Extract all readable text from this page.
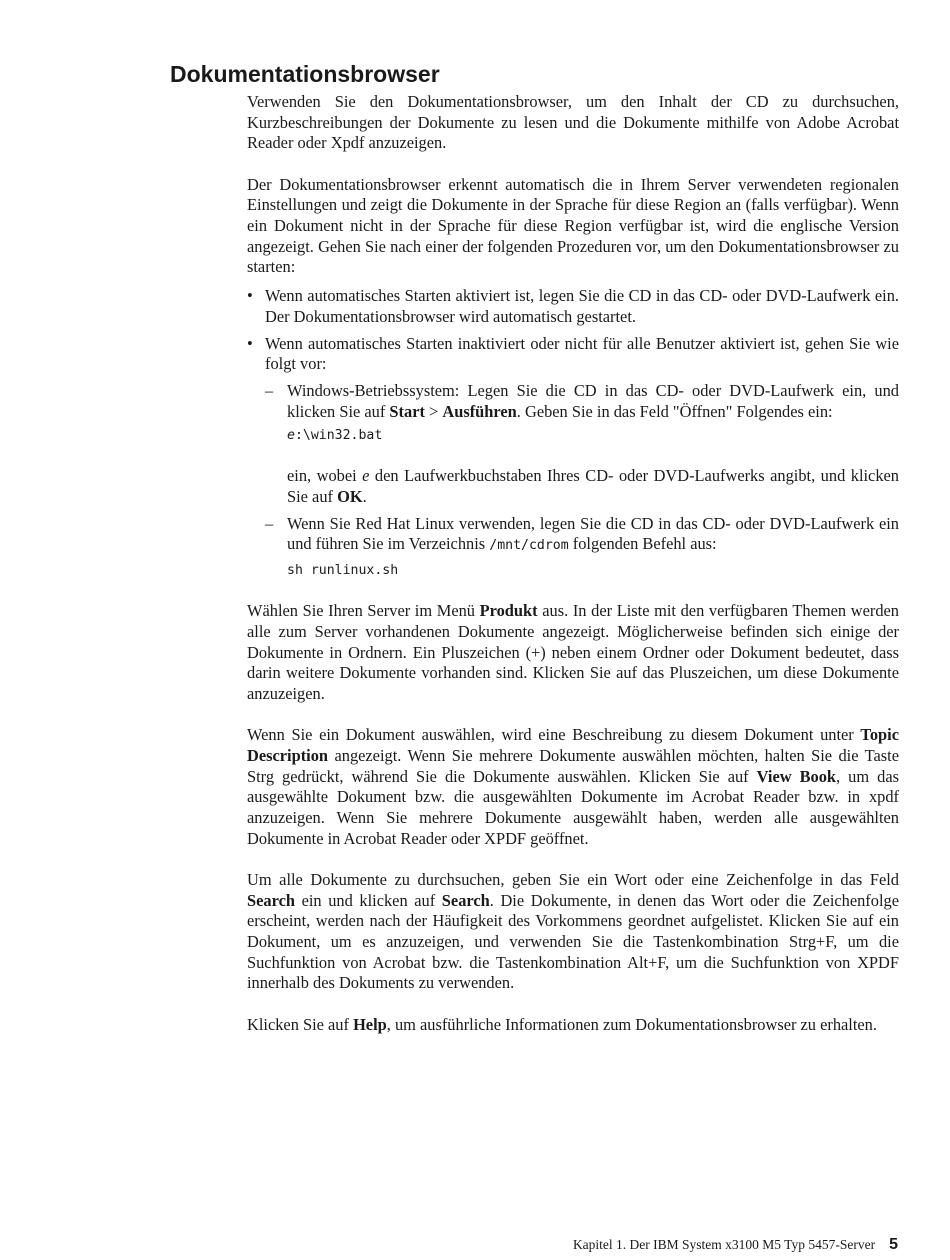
Dokumentationsbrowser

Verwenden Sie den Dokumentationsbrowser, um den Inhalt der CD zu durchsuchen, Kurzbeschreibungen der Dokumente zu lesen und die Dokumente mithilfe von Adobe Acrobat Reader oder Xpdf anzuzeigen.

Der Dokumentationsbrowser erkennt automatisch die in Ihrem Server verwendeten regionalen Einstellungen und zeigt die Dokumente in der Sprache für diese Region an (falls verfügbar). Wenn ein Dokument nicht in der Sprache für diese Region verfügbar ist, wird die englische Version angezeigt. Gehen Sie nach einer der folgenden Prozeduren vor, um den Dokumentationsbrowser zu starten:

• Wenn automatisches Starten aktiviert ist, legen Sie die CD in das CD- oder DVD-Laufwerk ein. Der Dokumentationsbrowser wird automatisch gestartet.
• Wenn automatisches Starten inaktiviert oder nicht für alle Benutzer aktiviert ist, gehen Sie wie folgt vor:
– Windows-Betriebssystem: Legen Sie die CD in das CD- oder DVD-Laufwerk ein, und klicken Sie auf Start > Ausführen. Geben Sie in das Feld "Öffnen" Folgendes ein:
e:\win32.bat
ein, wobei e den Laufwerkbuchstaben Ihres CD- oder DVD-Laufwerks angibt, und klicken Sie auf OK.
– Wenn Sie Red Hat Linux verwenden, legen Sie die CD in das CD- oder DVD-Laufwerk ein und führen Sie im Verzeichnis /mnt/cdrom folgenden Befehl aus:
sh runlinux.sh

Wählen Sie Ihren Server im Menü Produkt aus. In der Liste mit den verfügbaren Themen werden alle zum Server vorhandenen Dokumente angezeigt. Möglicherweise befinden sich einige der Dokumente in Ordnern. Ein Pluszeichen (+) neben einem Ordner oder Dokument bedeutet, dass darin weitere Dokumente vorhanden sind. Klicken Sie auf das Pluszeichen, um diese Dokumente anzuzeigen.

Wenn Sie ein Dokument auswählen, wird eine Beschreibung zu diesem Dokument unter Topic Description angezeigt. Wenn Sie mehrere Dokumente auswählen möchten, halten Sie die Taste Strg gedrückt, während Sie die Dokumente auswählen. Klicken Sie auf View Book, um das ausgewählte Dokument bzw. die ausgewählten Dokumente im Acrobat Reader bzw. in xpdf anzuzeigen. Wenn Sie mehrere Dokumente ausgewählt haben, werden alle ausgewählten Dokumente in Acrobat Reader oder XPDF geöffnet.

Um alle Dokumente zu durchsuchen, geben Sie ein Wort oder eine Zeichenfolge in das Feld Search ein und klicken auf Search. Die Dokumente, in denen das Wort oder die Zeichenfolge erscheint, werden nach der Häufigkeit des Vorkommens geordnet aufgelistet. Klicken Sie auf ein Dokument, um es anzuzeigen, und verwenden Sie die Tastenkombination Strg+F, um die Suchfunktion von Acrobat bzw. die Tastenkombination Alt+F, um die Suchfunktion von XPDF innerhalb des Dokuments zu verwenden.

Klicken Sie auf Help, um ausführliche Informationen zum Dokumentationsbrowser zu erhalten.

Kapitel 1. Der IBM System x3100 M5 Typ 5457-Server 5
